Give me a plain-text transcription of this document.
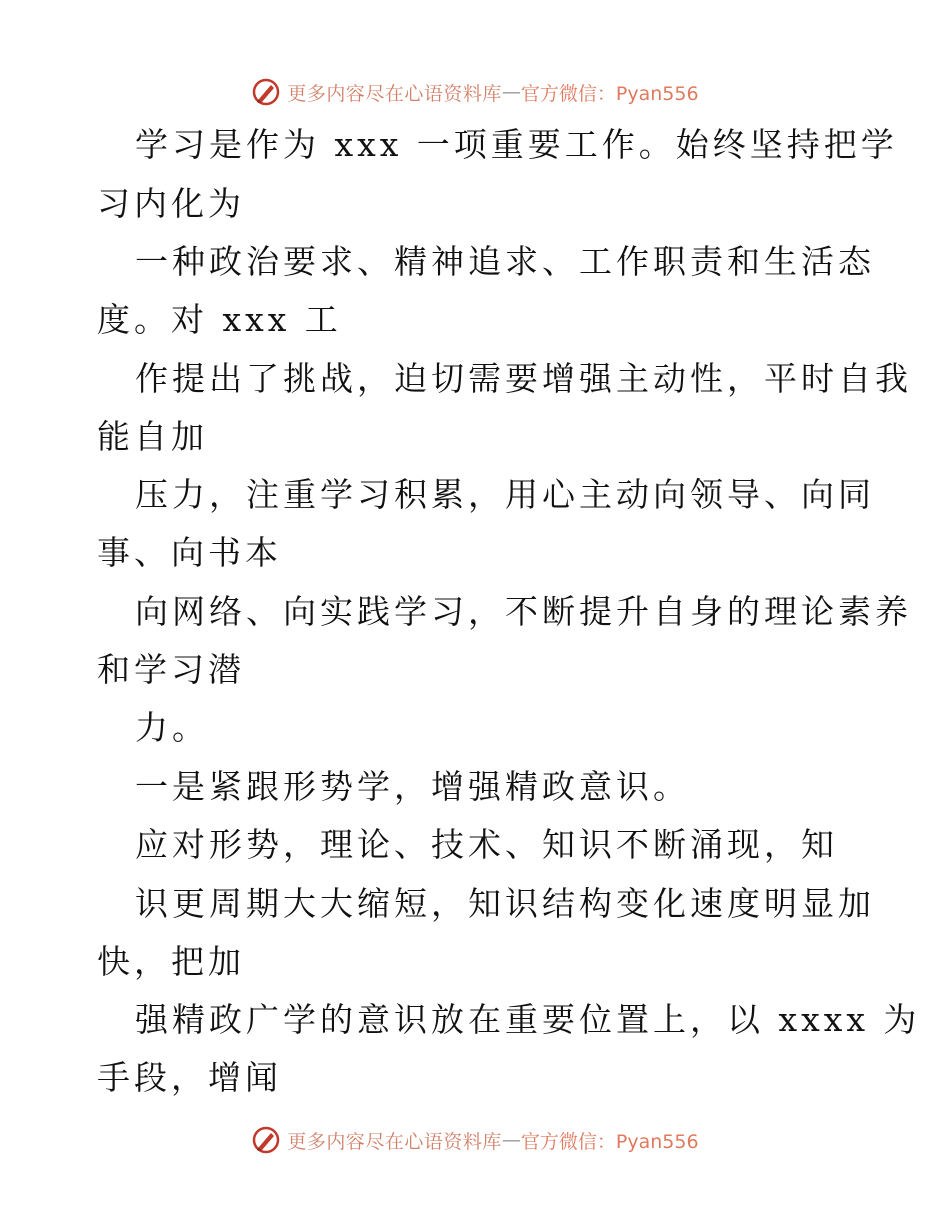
更多内容尽在心语资料库 — 官方微信：Pyan556
学习是作为 xxx 一项重要工作。始终坚持把学
习内化为
一种政治要求、精神追求、工作职责和生活态
度。对 xxx 工
作提出了挑战，迫切需要增强主动性，平时自我
能自加
压力，注重学习积累，用心主动向领导、向同
事、向书本
向网络、向实践学习，不断提升自身的理论素养
和学习潜
力。
一是紧跟形势学，增强精政意识。
应对形势，理论、技术、知识不断涌现，知
识更周期大大缩短，知识结构变化速度明显加
快，把加
强精政广学的意识放在重要位置上，以 xxxx 为
手段，增闻
更多内容尽在心语资料库 — 官方微信：Pyan556
